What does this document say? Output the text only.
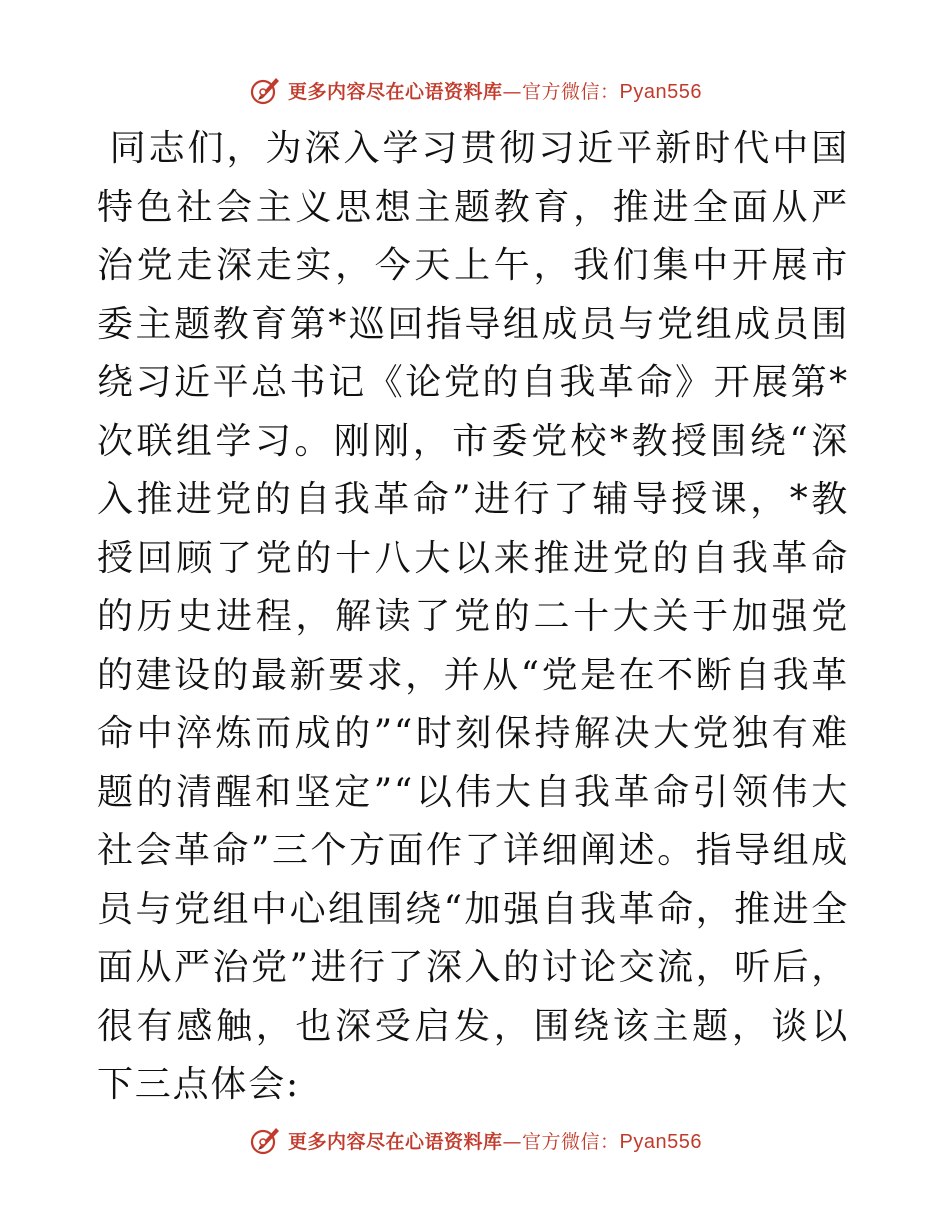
更多内容尽在心语资料库—官方微信：Pyan556

同志们，为深入学习贯彻习近平新时代中国特色社会主义思想主题教育，推进全面从严治党走深走实，今天上午，我们集中开展市委主题教育第*巡回指导组成员与党组成员围绕习近平总书记《论党的自我革命》开展第*次联组学习。刚刚，市委党校*教授围绕“深入推进党的自我革命”进行了辅导授课，*教授回顾了党的十八大以来推进党的自我革命的历史进程，解读了党的二十大关于加强党的建设的最新要求，并从“党是在不断自我革命中淬炼而成的”“时刻保持解决大党独有难题的清醒和坚定”“以伟大自我革命引领伟大社会革命”三个方面作了详细阐述。指导组成员与党组中心组围绕“加强自我革命，推进全面从严治党”进行了深入的讨论交流，听后，很有感触，也深受启发，围绕该主题，谈以下三点体会:

更多内容尽在心语资料库—官方微信：Pyan556
